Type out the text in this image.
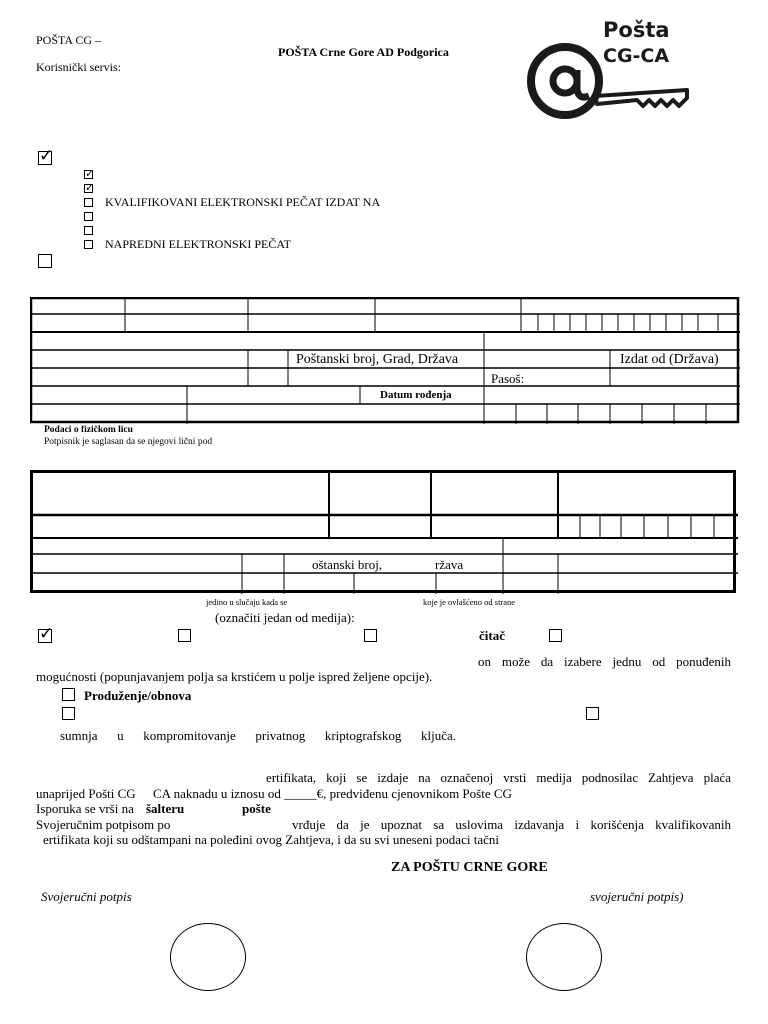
POŠTA CG –
Korisnički servis:
POŠTA Crne Gore AD Podgorica
Pošta
CG-CA
✓
✓
✓
KVALIFIKOVANI ELEKTRONSKI PEČAT IZDAT NA
NAPREDNI ELEKTRONSKI PEČAT
Poštanski broj, Grad, Država	Izdat od (Država)
Pasoš:
Datum rođenja
Podaci o fizičkom licu
Potpisnik je saglasan da se njegovi lični pod
oštanski broj,	ržava
jedino u slučaju kada se	koje je ovlašćeno od strane
(označiti jedan od medija):
✓	čitač
on može da izabere jednu od ponuđenih
mogućnosti (popunjavanjem polja sa krstićem u polje ispred željene opcije).
Produženje/obnova
sumnja u kompromitovanje privatnog kriptografskog ključa.
ertifikata, koji se izdaje na označenoj vrsti medija podnosilac Zahtjeva plaća
unaprijed Pošti CG CA naknadu u iznosu od _____€, predviđenu cjenovnikom Pošte CG
Isporuka se vrši na šalteru	pošte
Svojeručnim potpisom po	vrđuje da je upoznat sa uslovima izdavanja i korišćenja kvalifikovanih
ertifikata koji su odštampani na poleđini ovog Zahtjeva, i da su svi uneseni podaci tačni
ZA POŠTU CRNE GORE
Svojeručni potpis	svojeručni potpis)
